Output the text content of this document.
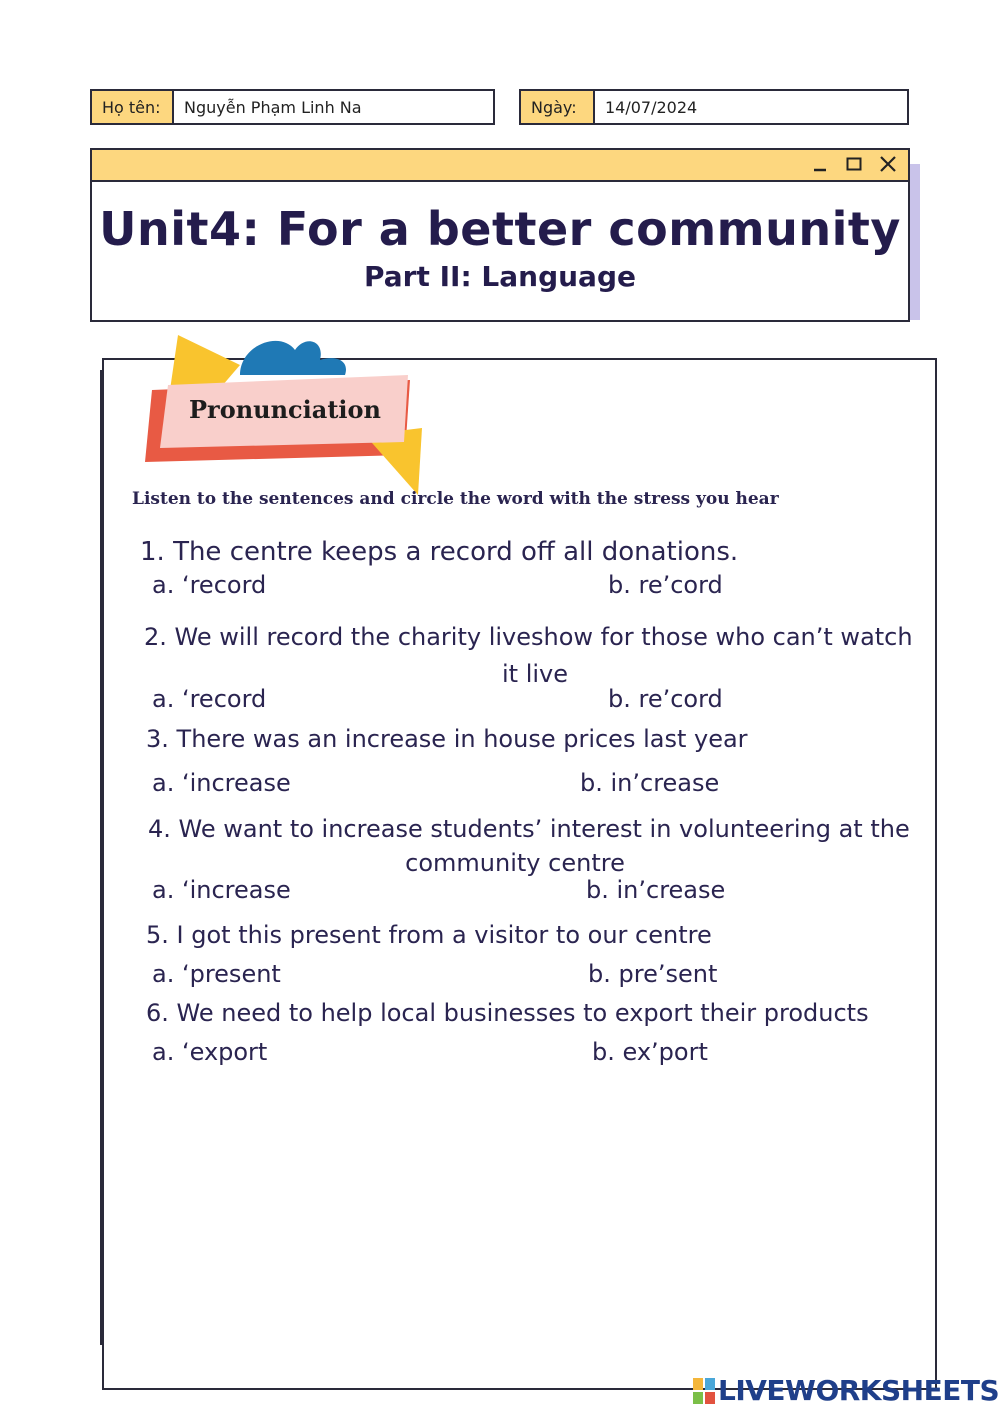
Họ tên:	Nguyễn Phạm Linh Na	Ngày:	14/07/2024
Unit4: For a better community
Part II: Language
Pronunciation
Listen to the sentences and circle the word with the stress you hear
1. The centre keeps a record off all donations.
a. ‘record	b. re’cord
2. We will record the charity liveshow for those who can’t watch
it live
a. ‘record	b. re’cord
3. There was an increase in house prices last year
a. ‘increase	b. in’crease
4. We want to increase students’ interest in volunteering at the
community centre
a. ‘increase	b. in’crease
5. I got this present from a visitor to our centre
a. ‘present	b. pre’sent
6. We need to help local businesses to export their products
a. ‘export	b. ex’port
LIVEWORKSHEETS
